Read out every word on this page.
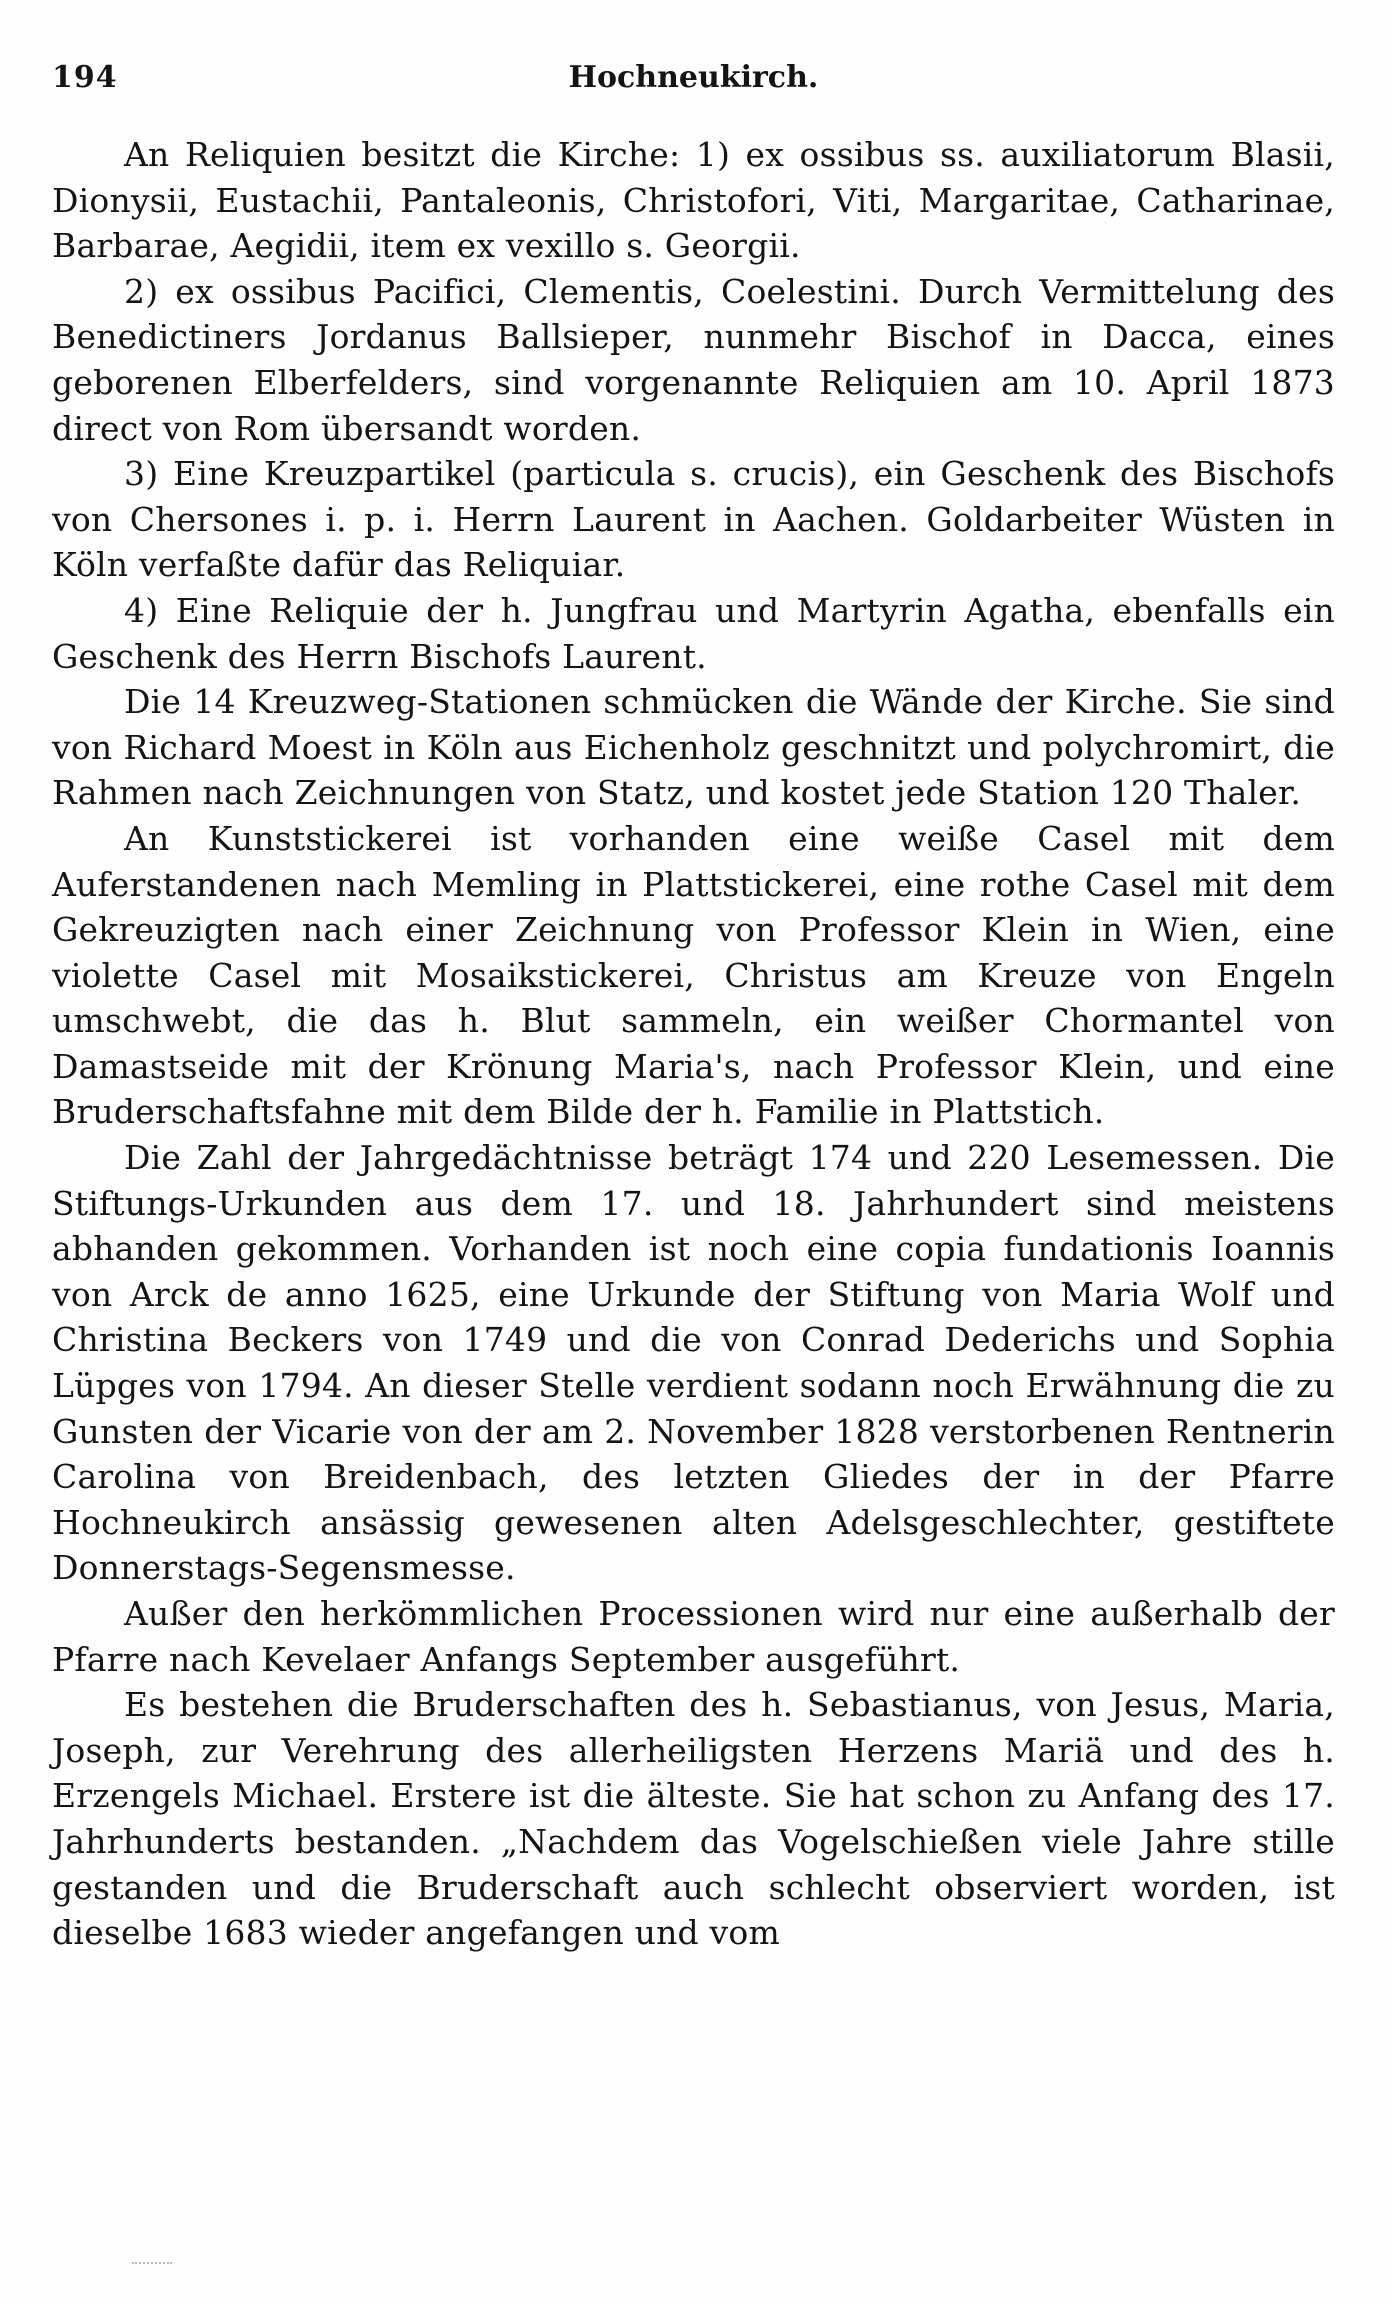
194	Hochneukirch.

An Reliquien besitzt die Kirche: 1) ex ossibus ss. auxiliatorum Blasii, Dionysii, Eustachii, Pantaleonis, Christofori, Viti, Margaritae, Catharinae, Barbarae, Aegidii, item ex vexillo s. Georgii.

2) ex ossibus Pacifici, Clementis, Coelestini. Durch Vermittelung des Benedictiners Jordanus Ballsieper, nunmehr Bischof in Dacca, eines geborenen Elberfelders, sind vorgenannte Reliquien am 10. April 1873 direct von Rom übersandt worden.

3) Eine Kreuzpartikel (particula s. crucis), ein Geschenk des Bischofs von Chersones i. p. i. Herrn Laurent in Aachen. Goldarbeiter Wüsten in Köln verfaßte dafür das Reliquiar.

4) Eine Reliquie der h. Jungfrau und Martyrin Agatha, ebenfalls ein Geschenk des Herrn Bischofs Laurent.

Die 14 Kreuzweg-Stationen schmücken die Wände der Kirche. Sie sind von Richard Moest in Köln aus Eichenholz geschnitzt und polychromirt, die Rahmen nach Zeichnungen von Statz, und kostet jede Station 120 Thaler.

An Kunststickerei ist vorhanden eine weiße Casel mit dem Auferstandenen nach Memling in Plattstickerei, eine rothe Casel mit dem Gekreuzigten nach einer Zeichnung von Professor Klein in Wien, eine violette Casel mit Mosaikstickerei, Christus am Kreuze von Engeln umschwebt, die das h. Blut sammeln, ein weißer Chormantel von Damastseide mit der Krönung Maria's, nach Professor Klein, und eine Bruderschaftsfahne mit dem Bilde der h. Familie in Plattstich.

Die Zahl der Jahrgedächtnisse beträgt 174 und 220 Lesemessen. Die Stiftungs-Urkunden aus dem 17. und 18. Jahrhundert sind meistens abhanden gekommen. Vorhanden ist noch eine copia fundationis Ioannis von Arck de anno 1625, eine Urkunde der Stiftung von Maria Wolf und Christina Beckers von 1749 und die von Conrad Dederichs und Sophia Lüpges von 1794. An dieser Stelle verdient sodann noch Erwähnung die zu Gunsten der Vicarie von der am 2. November 1828 verstorbenen Rentnerin Carolina von Breidenbach, des letzten Gliedes der in der Pfarre Hochneukirch ansässig gewesenen alten Adelsgeschlechter, gestiftete Donnerstags-Segensmesse.

Außer den herkömmlichen Processionen wird nur eine außerhalb der Pfarre nach Kevelaer Anfangs September ausgeführt.

Es bestehen die Bruderschaften des h. Sebastianus, von Jesus, Maria, Joseph, zur Verehrung des allerheiligsten Herzens Mariä und des h. Erzengels Michael. Erstere ist die älteste. Sie hat schon zu Anfang des 17. Jahrhunderts bestanden. „Nachdem das Vogelschießen viele Jahre stille gestanden und die Bruderschaft auch schlecht observiert worden, ist dieselbe 1683 wieder angefangen und vom
